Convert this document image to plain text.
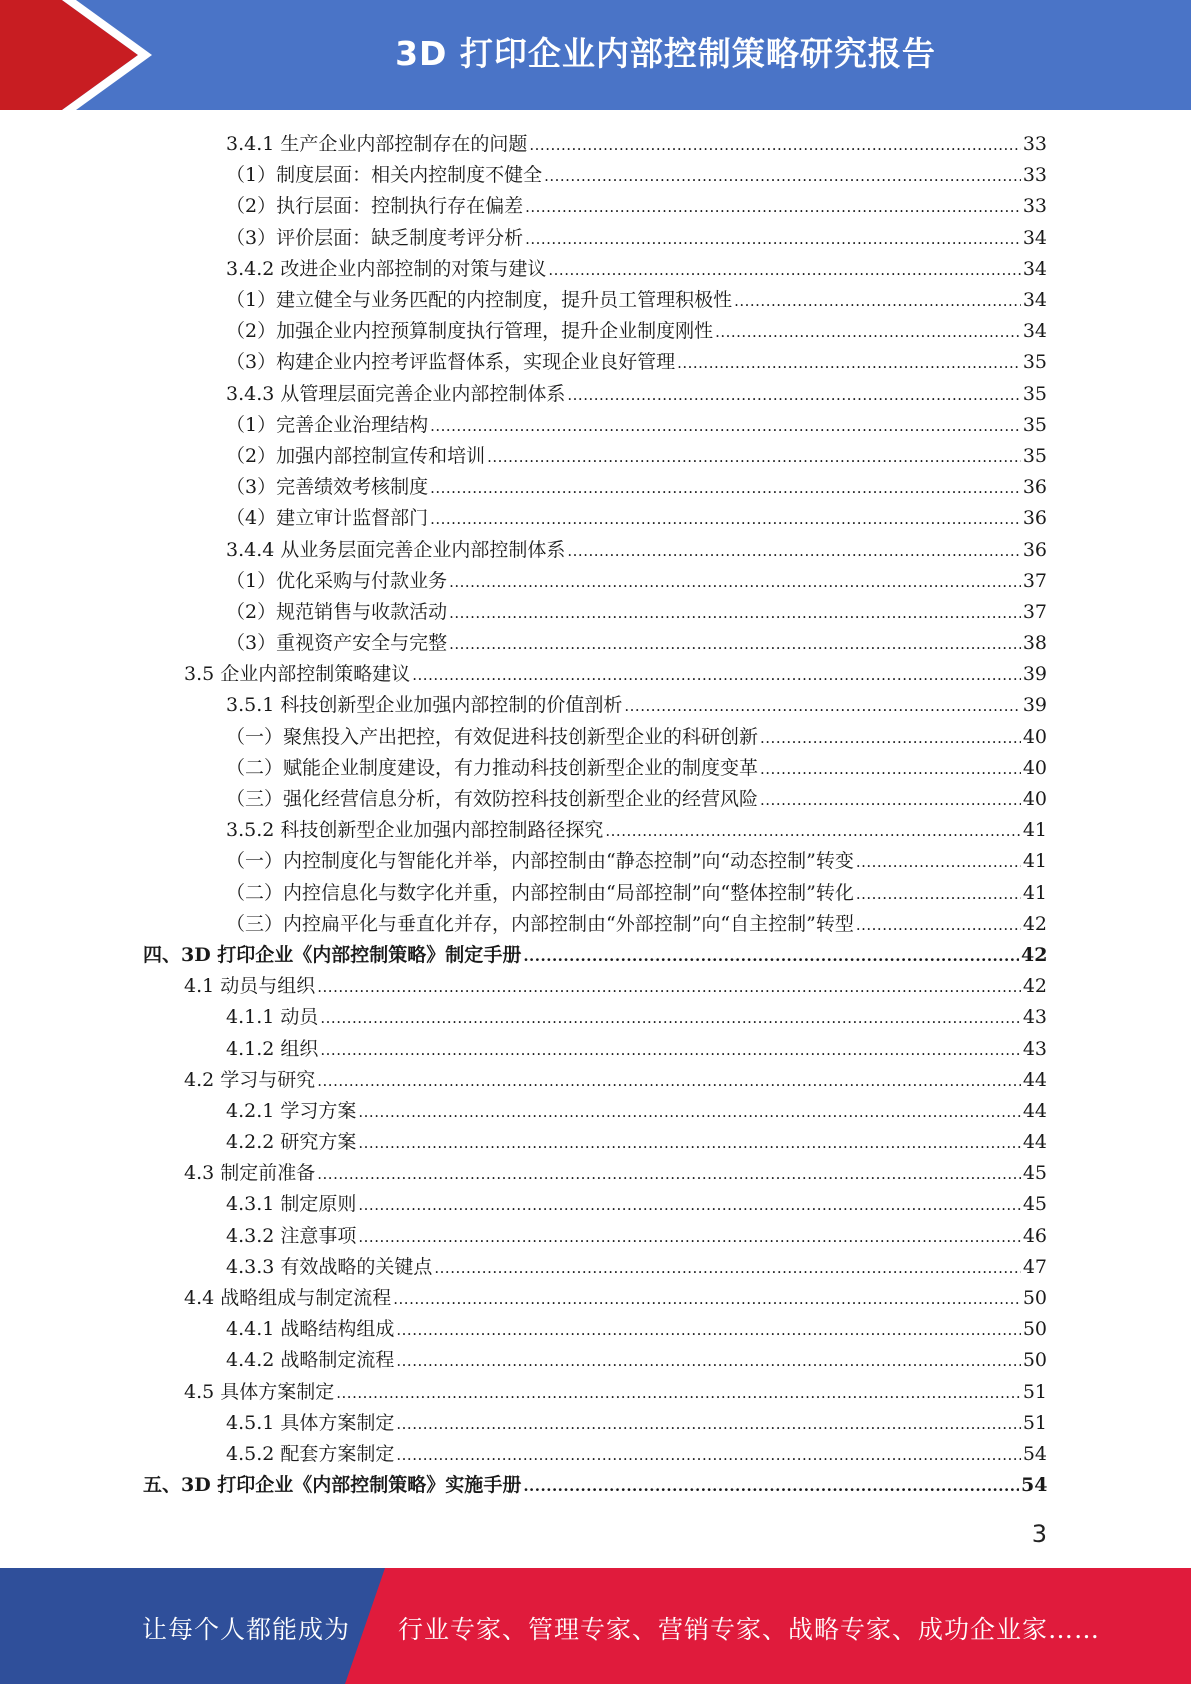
3D 打印企业内部控制策略研究报告
3.4.1 生产企业内部控制存在的问题 .....	33
（1）制度层面：相关内控制度不健全 .....	33
（2）执行层面：控制执行存在偏差 .....	33
（3）评价层面：缺乏制度考评分析 .....	34
3.4.2 改进企业内部控制的对策与建议 .....	34
（1）建立健全与业务匹配的内控制度，提升员工管理积极性 .....	34
（2）加强企业内控预算制度执行管理，提升企业制度刚性 .....	34
（3）构建企业内控考评监督体系，实现企业良好管理 .....	35
3.4.3 从管理层面完善企业内部控制体系 .....	35
（1）完善企业治理结构 .....	35
（2）加强内部控制宣传和培训 .....	35
（3）完善绩效考核制度 .....	36
（4）建立审计监督部门 .....	36
3.4.4 从业务层面完善企业内部控制体系 .....	36
（1）优化采购与付款业务 .....	37
（2）规范销售与收款活动 .....	37
（3）重视资产安全与完整 .....	38
3.5 企业内部控制策略建议 .....	39
3.5.1 科技创新型企业加强内部控制的价值剖析 .....	39
（一）聚焦投入产出把控，有效促进科技创新型企业的科研创新 .....	40
（二）赋能企业制度建设，有力推动科技创新型企业的制度变革 .....	40
（三）强化经营信息分析，有效防控科技创新型企业的经营风险 .....	40
3.5.2 科技创新型企业加强内部控制路径探究 .....	41
（一）内控制度化与智能化并举，内部控制由“静态控制”向“动态控制”转变 .....	41
（二）内控信息化与数字化并重，内部控制由“局部控制”向“整体控制”转化 .....	41
（三）内控扁平化与垂直化并存，内部控制由“外部控制”向“自主控制”转型 .....	42
四、3D 打印企业《内部控制策略》制定手册 .....	42
4.1 动员与组织 .....	42
4.1.1 动员 .....	43
4.1.2 组织 .....	43
4.2 学习与研究 .....	44
4.2.1 学习方案 .....	44
4.2.2 研究方案 .....	44
4.3 制定前准备 .....	45
4.3.1 制定原则 .....	45
4.3.2 注意事项 .....	46
4.3.3 有效战略的关键点 .....	47
4.4 战略组成与制定流程 .....	50
4.4.1 战略结构组成 .....	50
4.4.2 战略制定流程 .....	50
4.5 具体方案制定 .....	51
4.5.1 具体方案制定 .....	51
4.5.2 配套方案制定 .....	54
五、3D 打印企业《内部控制策略》实施手册 .....	54
3
让每个人都能成为 行业专家、管理专家、营销专家、战略专家、成功企业家……
